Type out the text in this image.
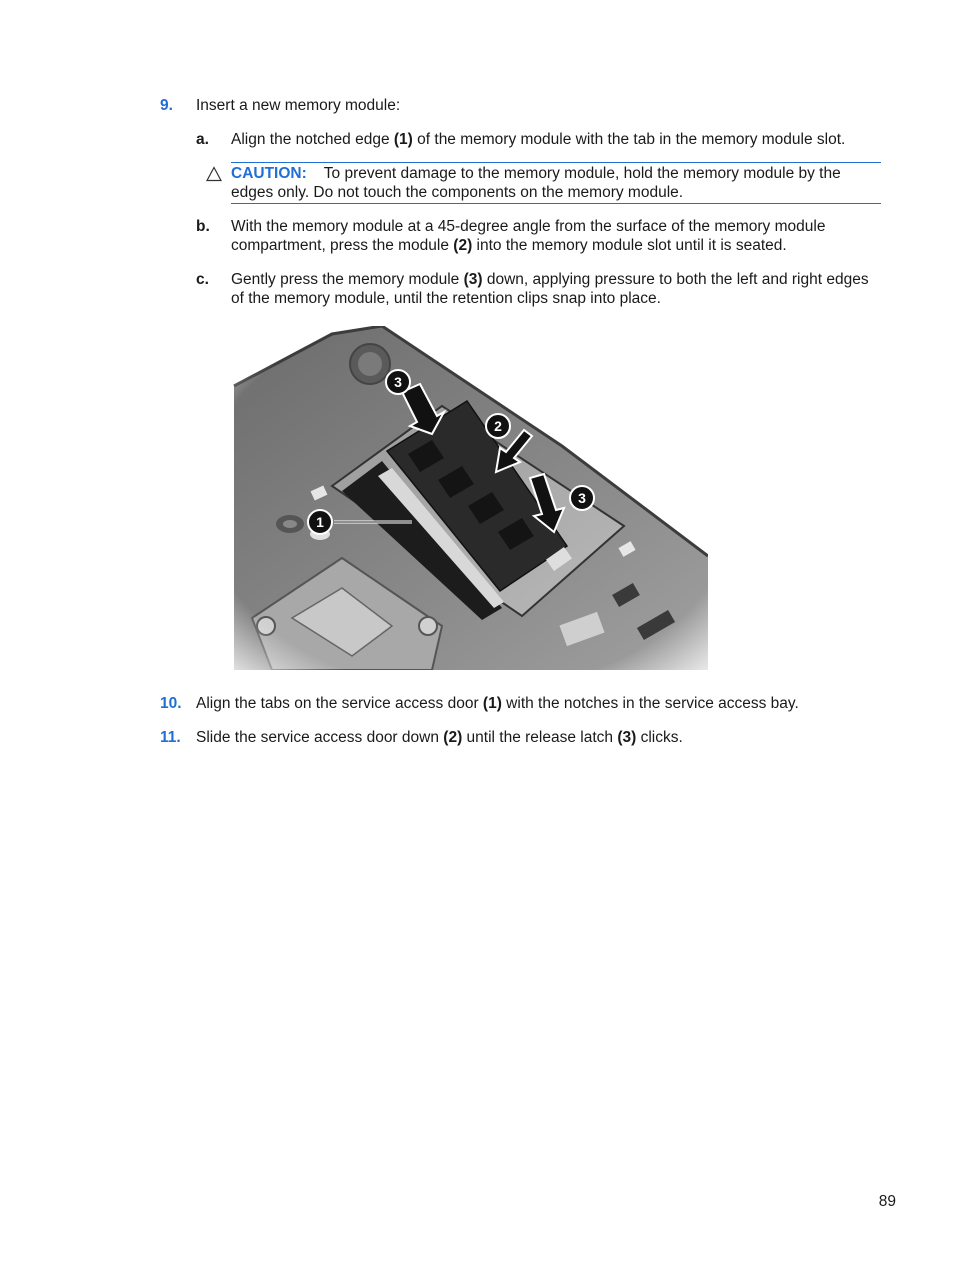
9. Insert a new memory module:
a. Align the notched edge (1) of the memory module with the tab in the memory module slot.
CAUTION: To prevent damage to the memory module, hold the memory module by the
edges only. Do not touch the components on the memory module.
b. With the memory module at a 45-degree angle from the surface of the memory module
compartment, press the module (2) into the memory module slot until it is seated.
c. Gently press the memory module (3) down, applying pressure to both the left and right edges
of the memory module, until the retention clips snap into place.
10. Align the tabs on the service access door (1) with the notches in the service access bay.
11. Slide the service access door down (2) until the release latch (3) clicks.
89
